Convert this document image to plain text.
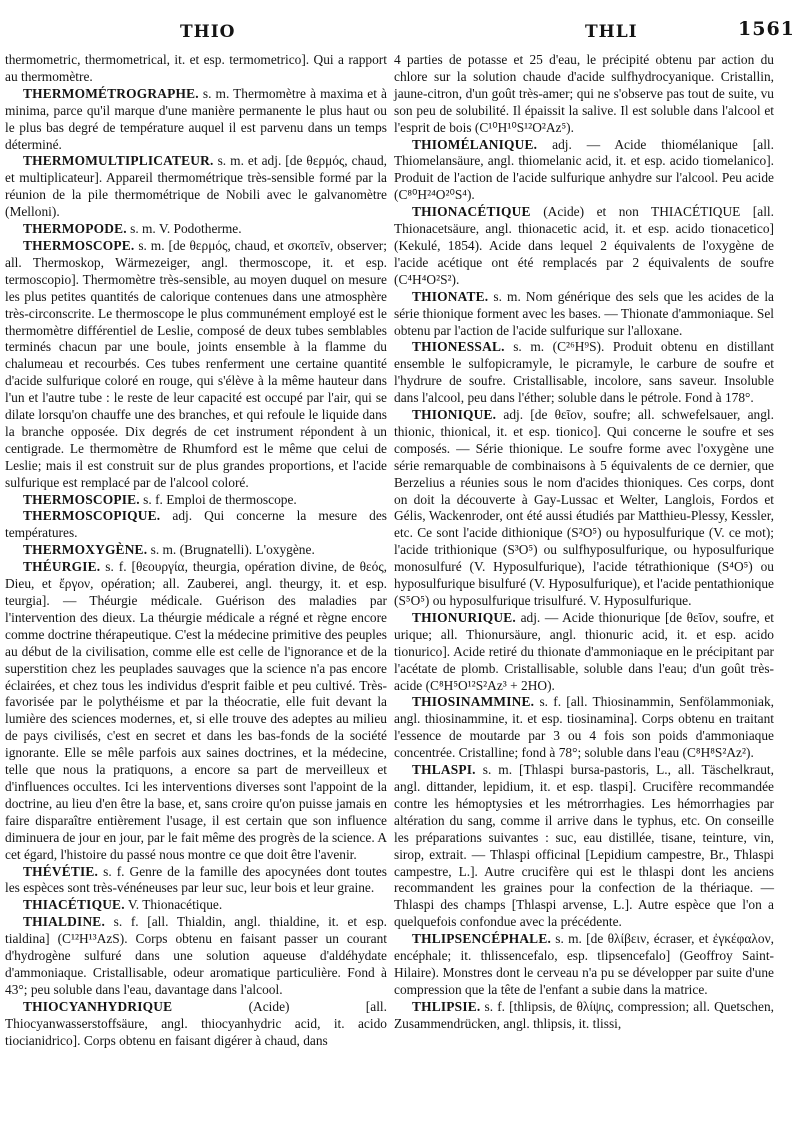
THIO	THLI	1561

thermometric, thermometrical, it. et esp. termometrico]. Qui a rapport au thermomètre.

THERMOMÉTROGRAPHE. s. m. Thermomètre à maxima et à minima, parce qu'il marque d'une manière permanente le plus haut ou le plus bas degré de température auquel il est parvenu dans un temps déterminé.

THERMOMULTIPLICATEUR. s. m. et adj. [de θερμός, chaud, et multiplicateur]. Appareil thermométrique très-sensible formé par la réunion de la pile thermométrique de Nobili avec le galvanomètre (Melloni).

THERMOPODE. s. m. V. Podotherme.

THERMOSCOPE. s. m. [de θερμός, chaud, et σκοπεῖν, observer; all. Thermoskop, Wärmezeiger, angl. thermoscope, it. et esp. termoscopio]. Thermomètre très-sensible, au moyen duquel on mesure les plus petites quantités de calorique contenues dans une atmosphère très-circonscrite. Le thermoscope le plus communément employé est le thermomètre différentiel de Leslie, composé de deux tubes semblables terminés chacun par une boule, joints ensemble à la flamme du chalumeau et recourbés. Ces tubes renferment une certaine quantité d'acide sulfurique coloré en rouge, qui s'élève à la même hauteur dans l'un et l'autre tube : le reste de leur capacité est occupé par l'air, qui se dilate lorsqu'on chauffe une des branches, et qui refoule le liquide dans la branche opposée. Dix degrés de cet instrument répondent à un centigrade. Le thermomètre de Rhumford est le même que celui de Leslie; mais il est construit sur de plus grandes proportions, et l'acide sulfurique est remplacé par de l'alcool coloré.

THERMOSCOPIE. s. f. Emploi de thermoscope.

THERMOSCOPIQUE. adj. Qui concerne la mesure des températures.

THERMOXYGÈNE. s. m. (Brugnatelli). L'oxygène.

THÉURGIE. s. f. [θεουργία, theurgia, opération divine, de θεός, Dieu, et ἔργον, opération; all. Zauberei, angl. theurgy, it. et esp. teurgia]. — Théurgie médicale. Guérison des maladies par l'intervention des dieux. La théurgie médicale a régné et règne encore comme doctrine thérapeutique. C'est la médecine primitive des peuples au début de la civilisation, comme elle est celle de l'ignorance et de la superstition chez les peuplades sauvages que la science n'a pas encore éclairées, et chez tous les individus d'esprit faible et peu cultivé. Très-favorisée par le polythéisme et par la théocratie, elle fuit devant la lumière des sciences modernes, et, si elle trouve des adeptes au milieu de pays civilisés, c'est en secret et dans les bas-fonds de la société ignorante. Elle se mêle parfois aux saines doctrines, et la médecine, telle que nous la pratiquons, a encore sa part de merveilleux et d'influences occultes. Ici les interventions diverses sont l'appoint de la doctrine, au lieu d'en être la base, et, sans croire qu'on puisse jamais en faire disparaître entièrement l'usage, il est certain que son influence diminuera de jour en jour, par le fait même des progrès de la science. A cet égard, l'histoire du passé nous montre ce que doit être l'avenir.

THÉVÉTIE. s. f. Genre de la famille des apocynées dont toutes les espèces sont très-vénéneuses par leur suc, leur bois et leur graine.

THIACÉTIQUE. V. Thionacétique.

THIALDINE. s. f. [all. Thialdin, angl. thialdine, it. et esp. tialdina] (C¹²H¹³AzS). Corps obtenu en faisant passer un courant d'hydrogène sulfuré dans une solution aqueuse d'aldéhydate d'ammoniaque. Cristallisable, odeur aromatique particulière. Fond à 43°; peu soluble dans l'eau, davantage dans l'alcool.

THIOCYANHYDRIQUE	(Acide) [all. Thiocyanwasserstoffsäure, angl. thiocyanhydric acid, it. acido tiocianidrico]. Corps obtenu en faisant digérer à chaud, dans

4 parties de potasse et 25 d'eau, le précipité obtenu par action du chlore sur la solution chaude d'acide sulfhydrocyanique. Cristallin, jaune-citron, d'un goût très-amer; qui ne s'observe pas tout de suite, vu son peu de solubilité. Il épaissit la salive. Il est soluble dans l'alcool et l'esprit de bois (C¹⁰H¹⁰S¹²O²Az⁵).

THIOMÉLANIQUE. adj. — Acide thiomélanique [all. Thiomelansäure, angl. thiomelanic acid, it. et esp. acido tiomelanico]. Produit de l'action de l'acide sulfurique anhydre sur l'alcool. Peu acide (C⁸⁰H²⁴O²⁰S⁴).

THIONACÉTIQUE (Acide) et non THIACÉTIQUE [all. Thionacetsäure, angl. thionacetic acid, it. et esp. acido tionacetico] (Kekulé, 1854). Acide dans lequel 2 équivalents de l'oxygène de l'acide acétique ont été remplacés par 2 équivalents de soufre (C⁴H⁴O²S²).

THIONATE. s. m. Nom générique des sels que les acides de la série thionique forment avec les bases. — Thionate d'ammoniaque. Sel obtenu par l'action de l'acide sulfurique sur l'alloxane.

THIONESSAL. s. m. (C²⁶H⁹S). Produit obtenu en distillant ensemble le sulfopicramyle, le picramyle, le carbure de soufre et l'hydrure de soufre. Cristallisable, incolore, sans saveur. Insoluble dans l'alcool, peu dans l'éther; soluble dans le pétrole. Fond à 178°.

THIONIQUE. adj. [de θεῖον, soufre; all. schwefelsauer, angl. thionic, thionical, it. et esp. tionico]. Qui concerne le soufre et ses composés. — Série thionique. Le soufre forme avec l'oxygène une série remarquable de combinaisons à 5 équivalents de ce dernier, que Berzelius a réunies sous le nom d'acides thioniques. Ces corps, dont on doit la découverte à Gay-Lussac et Welter, Langlois, Fordos et Gélis, Wackenroder, ont été aussi étudiés par Matthieu-Plessy, Kessler, etc. Ce sont l'acide dithionique (S²O⁵) ou hyposulfurique (V. ce mot); l'acide trithionique (S³O⁵) ou sulfhyposulfurique, ou hyposulfurique monosulfuré (V. Hyposulfurique), l'acide tétrathionique (S⁴O⁵) ou hyposulfurique bisulfuré (V. Hyposulfurique), et l'acide pentathionique (S⁵O⁵) ou hyposulfurique trisulfuré. V. Hyposulfurique.

THIONURIQUE. adj. — Acide thionurique [de θεῖον, soufre, et urique; all. Thionursäure, angl. thionuric acid, it. et esp. acido tionurico]. Acide retiré du thionate d'ammoniaque en le précipitant par l'acétate de plomb. Cristallisable, soluble dans l'eau; d'un goût très-acide (C⁸H⁵O¹²S²Az³ + 2HO).

THIOSINAMMINE. s. f. [all. Thiosinammin, Senfölammoniak, angl. thiosinammine, it. et esp. tiosinamina]. Corps obtenu en traitant l'essence de moutarde par 3 ou 4 fois son poids d'ammoniaque concentrée. Cristalline; fond à 78°; soluble dans l'eau (C⁸H⁸S²Az²).

THLASPI. s. m. [Thlaspi bursa-pastoris, L., all. Täschelkraut, angl. dittander, lepidium, it. et esp. tlaspi]. Crucifère recommandée contre les hémoptysies et les métrorrhagies. Les hémorrhagies par altération du sang, comme il arrive dans le typhus, etc. On conseille les préparations suivantes : suc, eau distillée, tisane, teinture, vin, sirop, extrait. — Thlaspi officinal [Lepidium campestre, Br., Thlaspi campestre, L.]. Autre crucifère qui est le thlaspi dont les anciens recommandent les graines pour la confection de la thériaque. — Thlaspi des champs [Thlaspi arvense, L.]. Autre espèce que l'on a quelquefois confondue avec la précédente.

THLIPSENCÉPHALE. s. m. [de θλίβειν, écraser, et ἐγκέφαλον, encéphale; it. thlissencefalo, esp. tlipsencefalo] (Geoffroy Saint-Hilaire). Monstres dont le cerveau n'a pu se développer par suite d'une compression que la tête de l'enfant a subie dans la matrice.

THLIPSIE. s. f. [thlipsis, de θλίψις, compression; all. Quetschen, Zusammendrücken, angl. thlipsis, it. tlissi,
